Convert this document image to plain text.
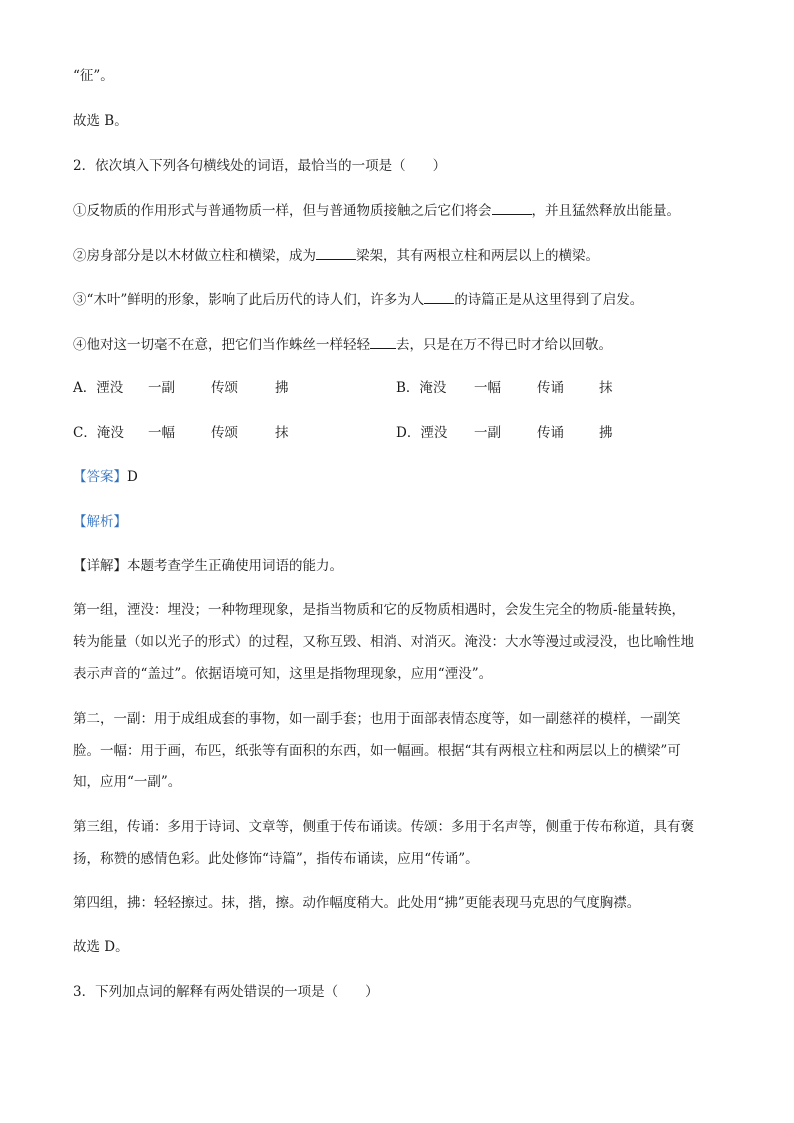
“征”。
故选 B。
2．依次填入下列各句横线处的词语，最恰当的一项是（　　）
①反物质的作用形式与普通物质一样，但与普通物质接触之后它们将会	，并且猛然释放出能量。
②房身部分是以木材做立柱和横梁，成为	梁架，其有两根立柱和两层以上的横梁。
③“木叶”鲜明的形象，影响了此后历代的诗人们，许多为人 的诗篇正是从这里得到了启发。
④他对这一切毫不在意，把它们当作蛛丝一样轻轻 去，只是在万不得已时才给以回敬。
A．湮没 一副	传颂	拂	B．淹没 一幅	传诵	抹
C．淹没 一幅	传颂	抹	D．湮没 一副	传诵	拂
【答案】D
【解析】
【详解】本题考查学生正确使用词语的能力。
第一组，湮没：埋没；一种物理现象，是指当物质和它的反物质相遇时，会发生完全的物质-能量转换，
转为能量（如以光子的形式）的过程，又称互毁、相消、对消灭。淹没：大水等漫过或浸没，也比喻性地
表示声音的“盖过”。依据语境可知，这里是指物理现象，应用“湮没”。
第二，一副：用于成组成套的事物，如一副手套；也用于面部表情态度等，如一副慈祥的模样，一副笑
脸。一幅：用于画，布匹，纸张等有面积的东西，如一幅画。根据“其有两根立柱和两层以上的横梁”可
知，应用“一副”。
第三组，传诵：多用于诗词、文章等，侧重于传布诵读。传颂：多用于名声等，侧重于传布称道，具有褒
扬，称赞的感情色彩。此处修饰“诗篇”，指传布诵读，应用“传诵”。
第四组，拂：轻轻擦过。抹，揩，擦。动作幅度稍大。此处用“拂”更能表现马克思的气度胸襟。
故选 D。
3．下列加点词的解释有两处错误的一项是（　　）
